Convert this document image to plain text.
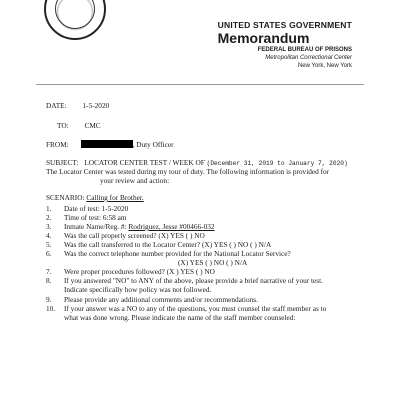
UNITED STATES GOVERNMENT
Memorandum
FEDERAL BUREAU OF PRISONS
Metropolitan Correctional Center
New York, New York
DATE: 1-5-2020
TO: CMC
FROM:	, Duty Officer
SUBJECT: LOCATOR CENTER TEST / WEEK OF (December 31, 2019 to January 7, 2020)
The Locator Center was tested during my tour of duty. The following information is provided for
your review and action:
SCENARIO: Calling for Brother.
1. Date of test: 1-5-2020
2. Time of test: 6:58 am
3. Inmate Name/Reg. #: Rodriguez, Jesse #00466-032
4. Was the call properly screened? (X) YES ( ) NO
5. Was the call transferred to the Locator Center? (X) YES ( ) NO ( ) N/A
6. Was the correct telephone number provided for the National Locator Service?
(X) YES ( ) NO ( ) N/A
7. Were proper procedures followed? (X ) YES ( ) NO
8. If you answered "NO" to ANY of the above, please provide a brief narrative of your test.
Indicate specifically how policy was not followed.
9. Please provide any additional comments and/or recommendations.
10. If your answer was a NO to any of the questions, you must counsel the staff member as to
what was done wrong. Please indicate the name of the staff member counseled:
